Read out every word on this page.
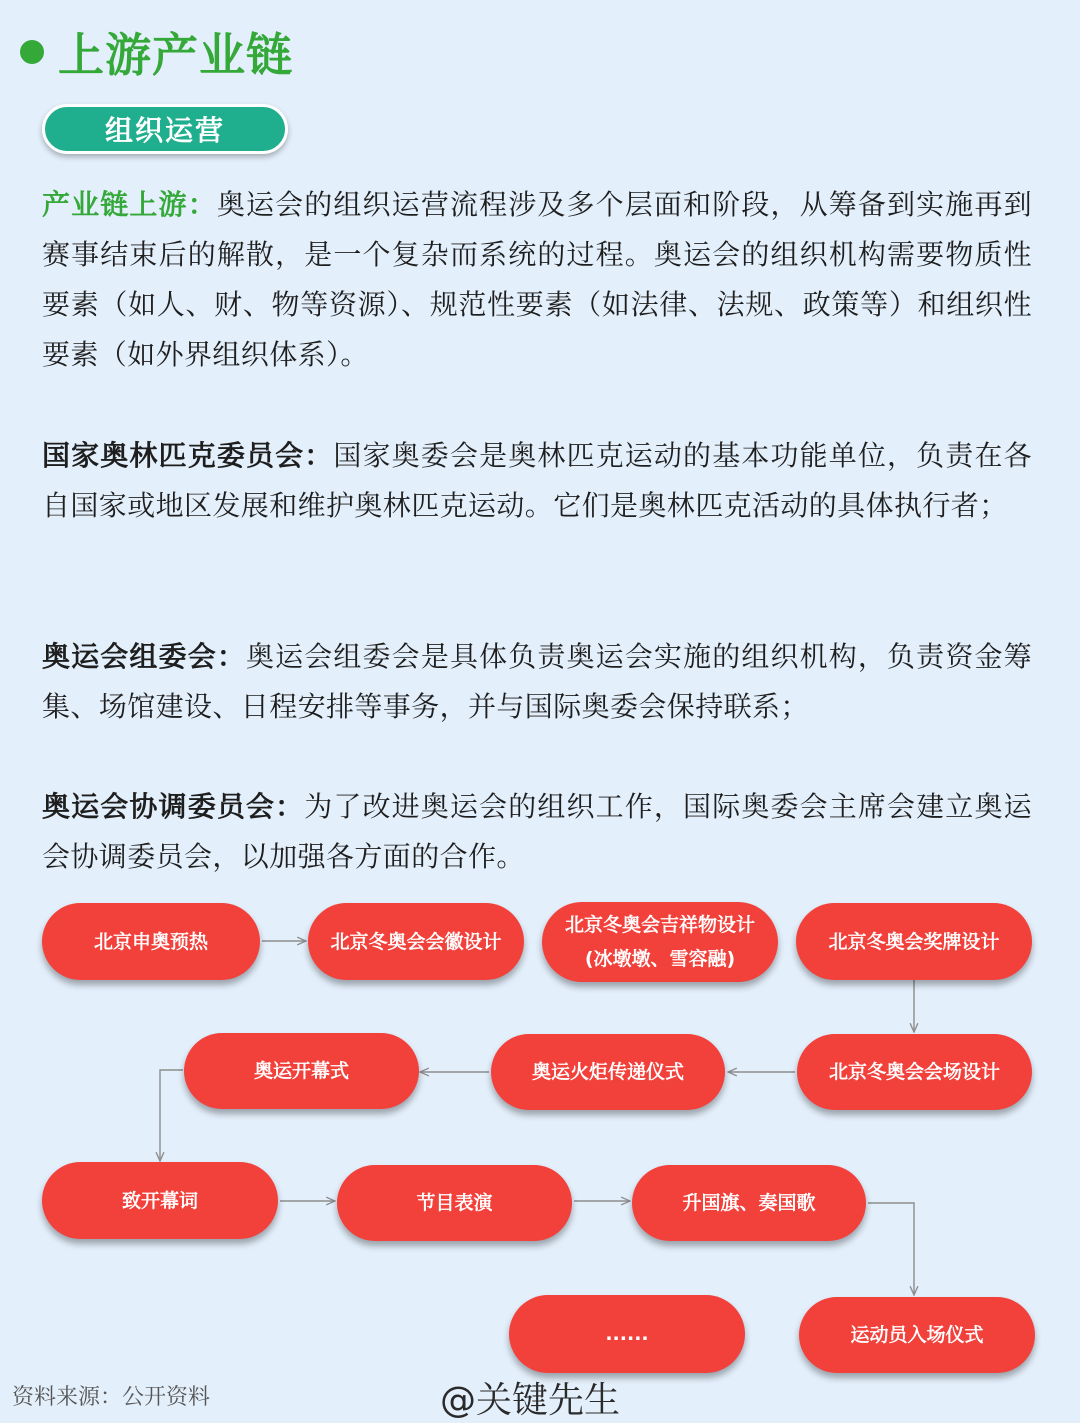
上游产业链
组织运营

产业链上游：奥运会的组织运营流程涉及多个层面和阶段，从筹备到实施再到赛事结束后的解散，是一个复杂而系统的过程。奥运会的组织机构需要物质性要素（如人、财、物等资源）、规范性要素（如法律、法规、政策等）和组织性要素（如外界组织体系）。

国家奥林匹克委员会：国家奥委会是奥林匹克运动的基本功能单位，负责在各自国家或地区发展和维护奥林匹克运动。它们是奥林匹克活动的具体执行者；

奥运会组委会：奥运会组委会是具体负责奥运会实施的组织机构，负责资金筹集、场馆建设、日程安排等事务，并与国际奥委会保持联系；

奥运会协调委员会：为了改进奥运会的组织工作，国际奥委会主席会建立奥运会协调委员会，以加强各方面的合作。

北京申奥预热	北京冬奥会会徽设计
北京冬奥会吉祥物设计
(冰墩墩、雪容融)
北京冬奥会奖牌设计
北京冬奥会会场设计
奥运火炬传递仪式
奥运开幕式
致开幕词	节目表演	升国旗、奏国歌
运动员入场仪式
......
资料来源：公开资料	@关键先生
